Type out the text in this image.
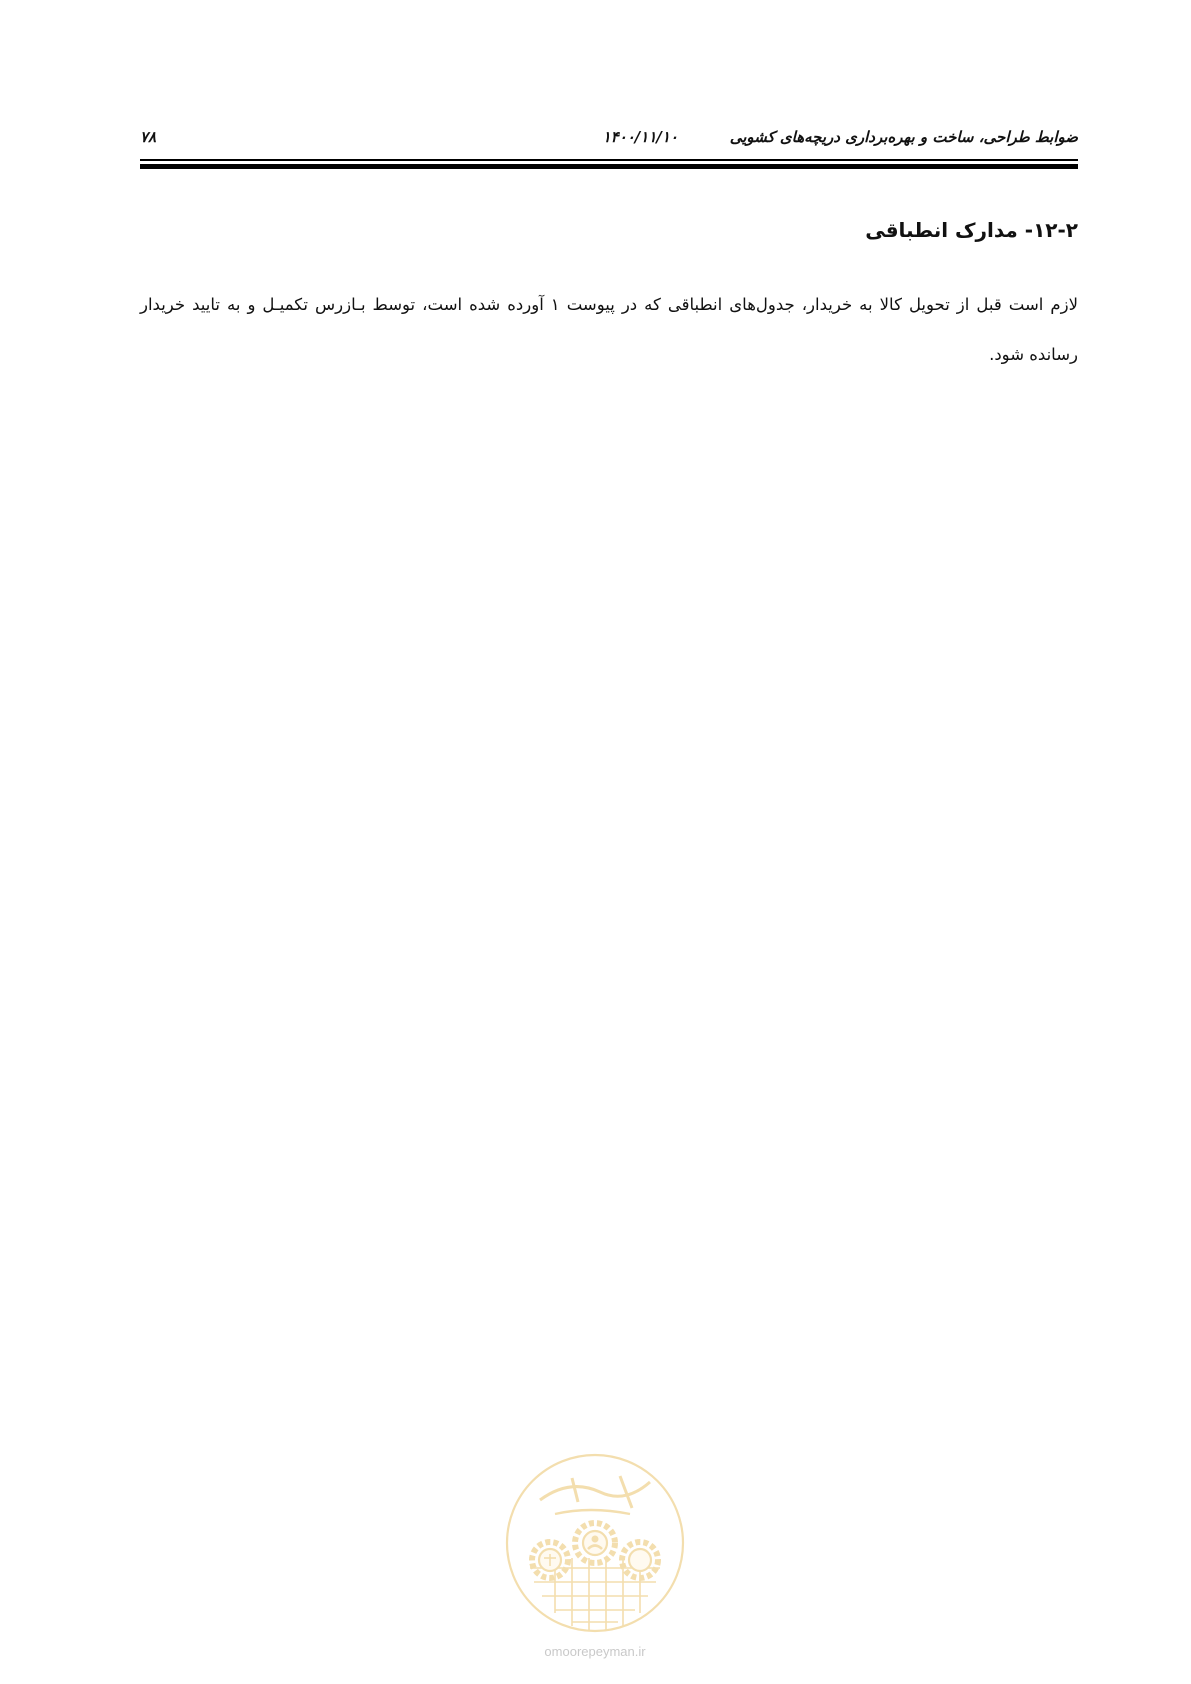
ضوابط طراحی، ساخت و بهره‌برداری دریچه‌های کشویی
۱۴۰۰/۱۱/۱۰
۷۸
۱۲-۲- مدارک انطباقی

لازم است قبل از تحویل کالا به خریدار، جدول‌های انطباقی که در پیوست ۱ آورده شده است، توسط بـازرس تکمیـل و به تایید خریدار رسانده شود.

omoorepeyman.ir
